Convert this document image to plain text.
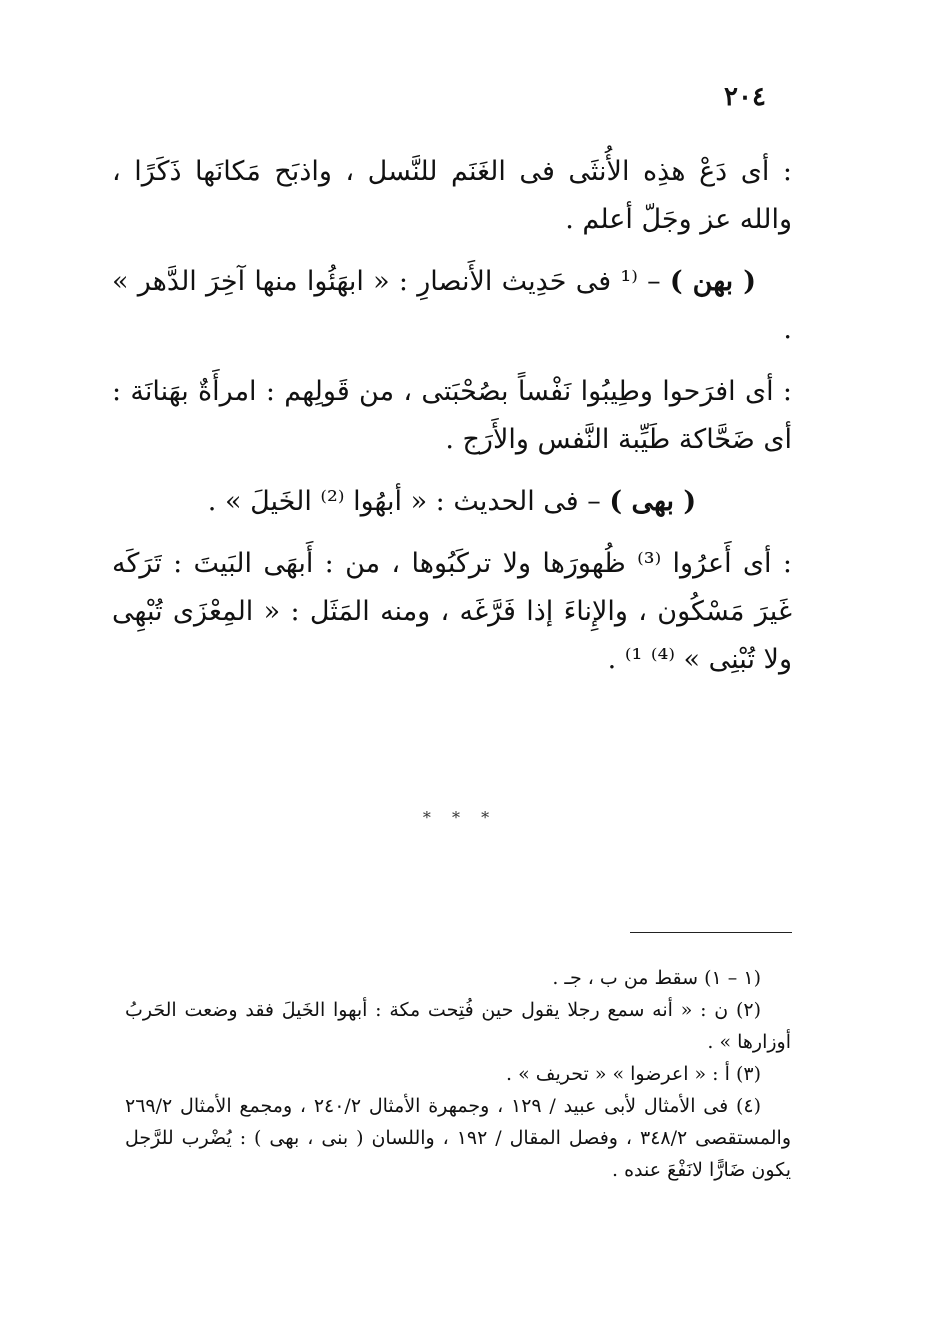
٢٠٤

: أى دَعْ هذِه الأُنثَى فى الغَنَم للنَّسل ، واذبَح مَكانَها ذَكَرًا ، والله عز وجَلّ أعلم .

( بهن ) – ⁽¹ فى حَدِيث الأَنصارِ : « ابهَئُوا منها آخِرَ الدَّهر » .

: أى افرَحوا وطِيبُوا نَفْساً بصُحْبَتى ، من قَولِهم : امرأَةٌ بهَنانَة : أى ضَحَّاكة طَيِّبة النَّفس والأَرَج .

( بهى ) – فى الحديث : « أبهُوا ⁽²⁾ الخَيلَ » .

: أى أَعرُوا ⁽³⁾ ظُهورَها ولا تركَبُوها ، من : أَبهَى البَيتَ : تَرَكَه غَيرَ مَسْكُون ، والإِناءَ إذا فَرَّغَه ، ومنه المَثَل : « المِعْزَى تُبْهِى ولا تُبْنِى » ⁽⁴⁾ ¹⁾ .

* * *

(١ – ١) سقط من ب ، جـ .

(٢) ن : « أنه سمع رجلا يقول حين فُتِحت مكة : أبهوا الخَيلَ فقد وضعت الحَربُ أوزارها » .

(٣) أ : « اعرضوا » « تحريف » .

(٤) فى الأمثال لأبى عبيد / ١٢٩ ، وجمهرة الأمثال ٢٤٠/٢ ، ومجمع الأمثال ٢٦٩/٢ والمستقصى ٣٤٨/٢ ، وفصل المقال / ١٩٢ ، واللسان ( بنى ، بهى ) : يُضْرب للرَّجل يكون ضَارًّا لانَفْعَ عنده .
